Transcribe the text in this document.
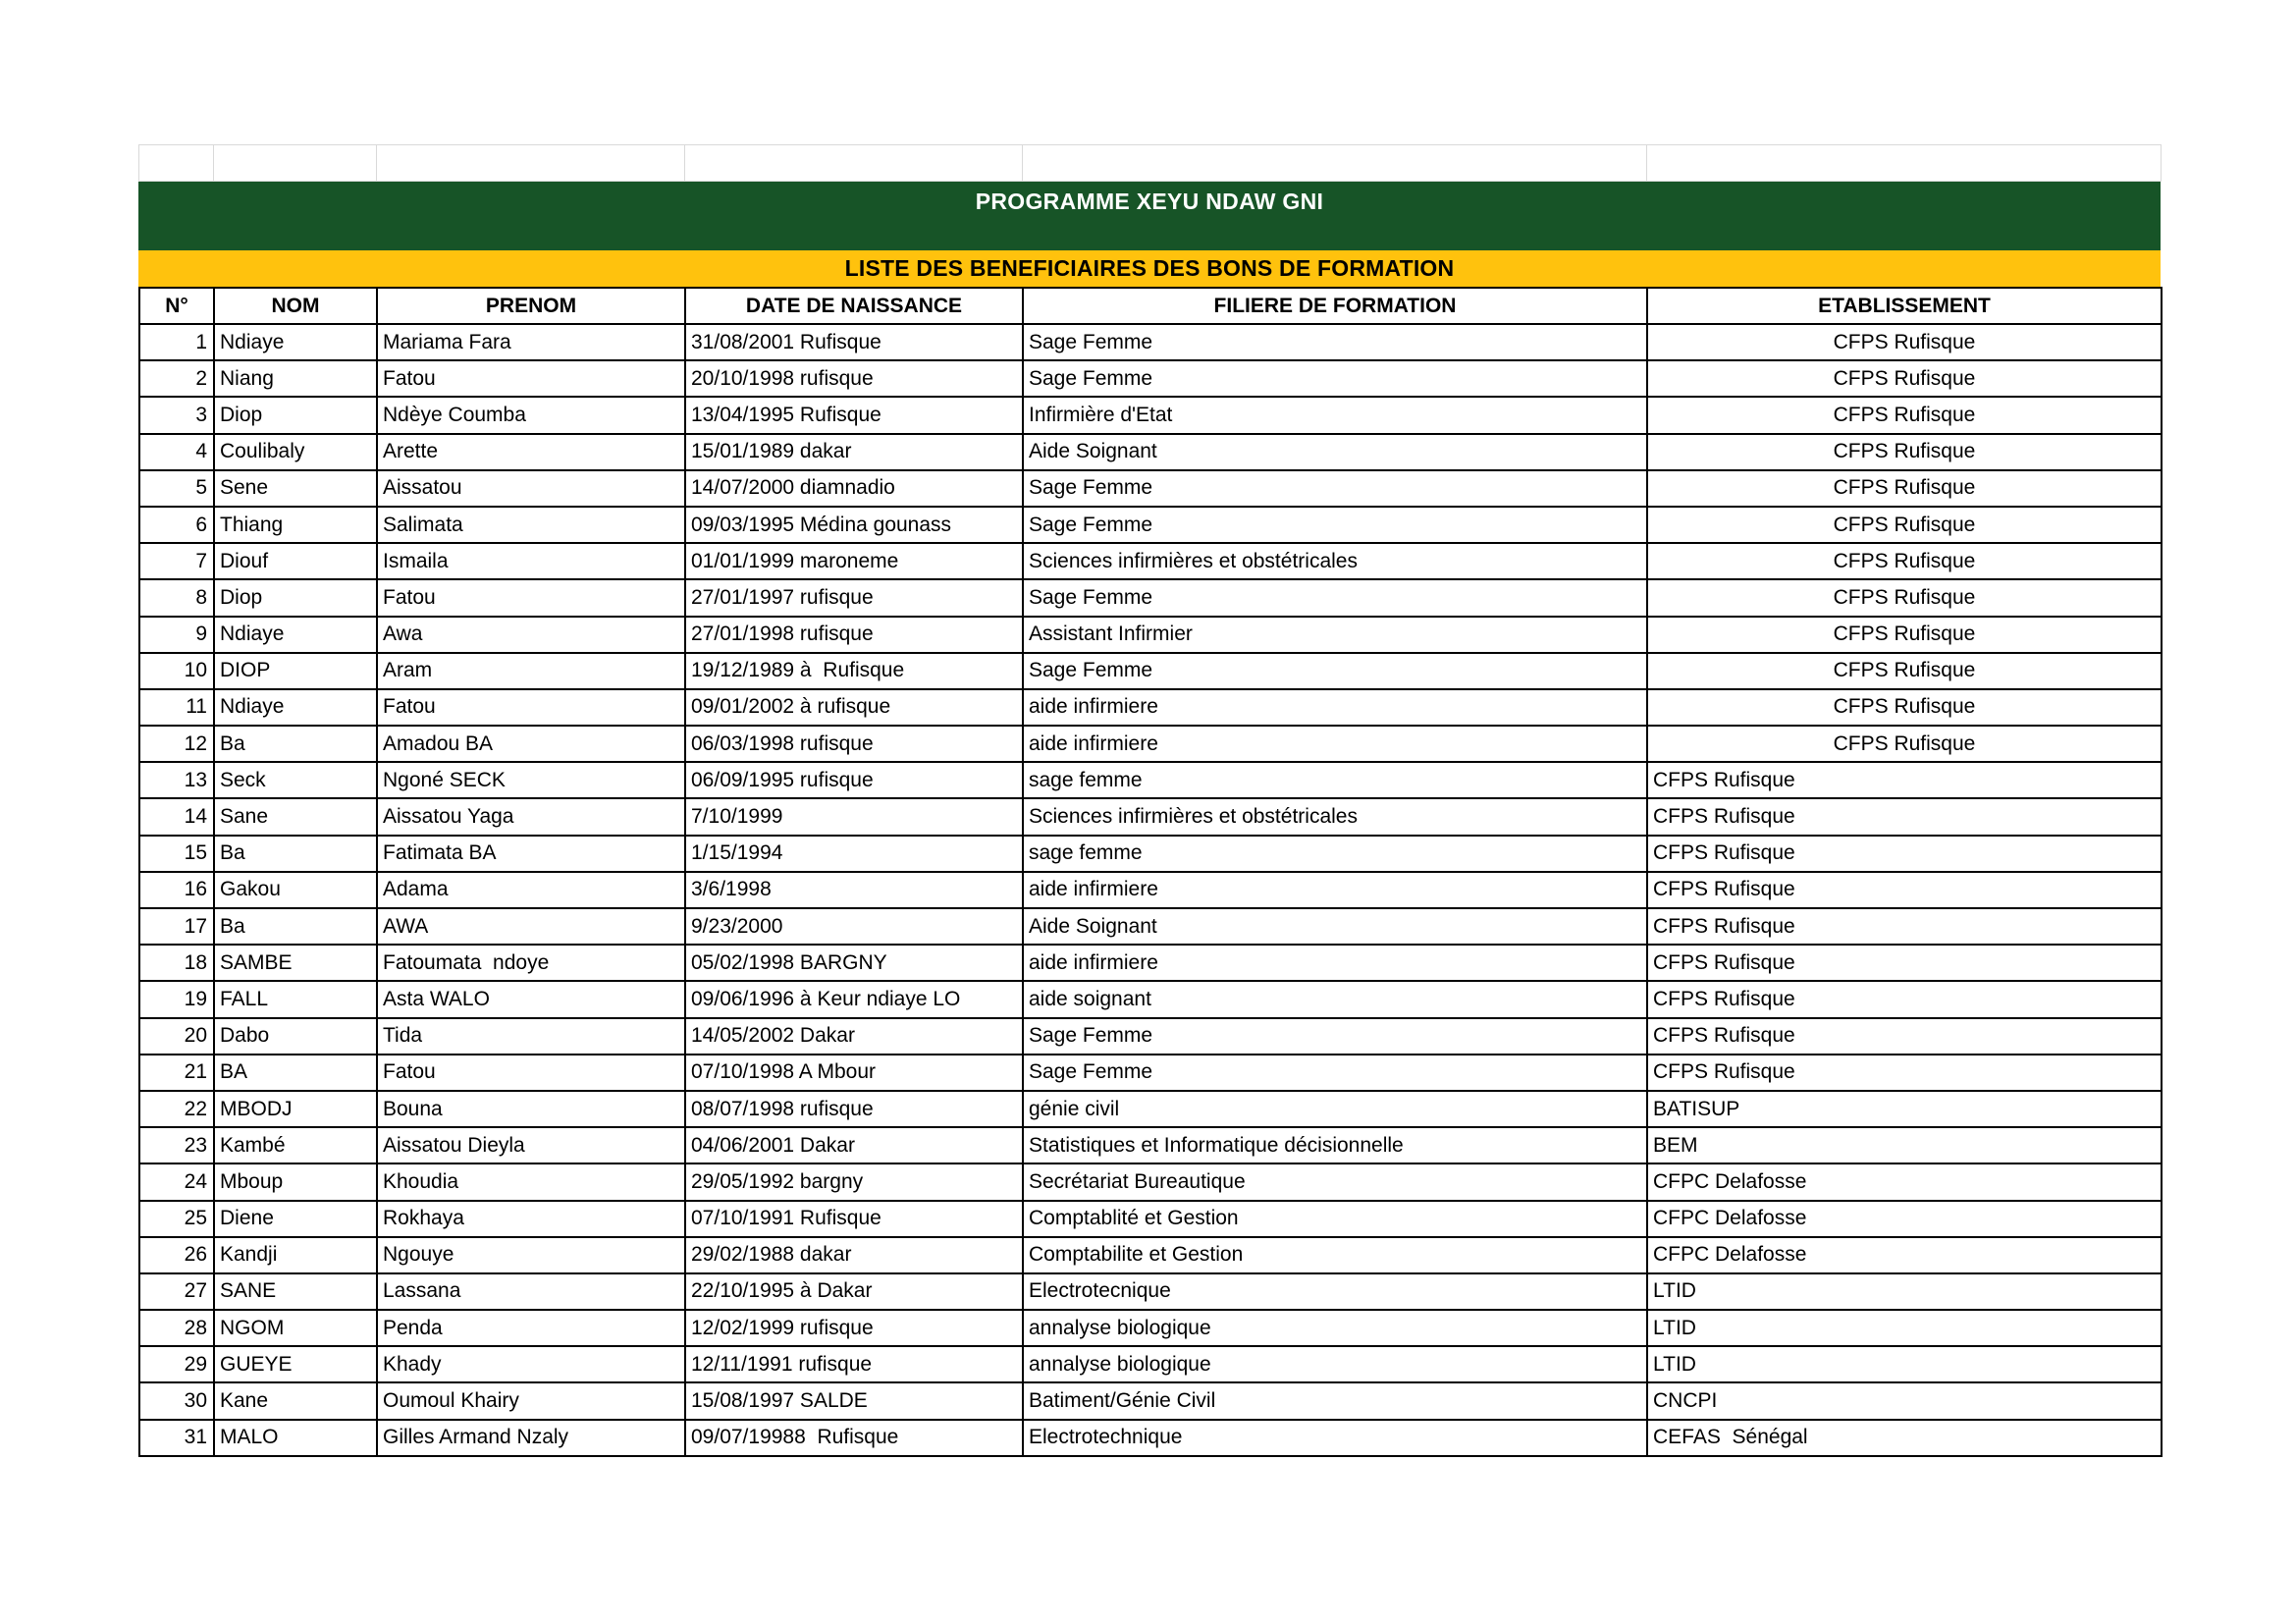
PROGRAMME XEYU NDAW GNI
LISTE DES BENEFICIAIRES DES BONS DE FORMATION
N°	NOM	PRENOM	DATE DE NAISSANCE	FILIERE DE FORMATION	ETABLISSEMENT
1	Ndiaye	Mariama Fara	31/08/2001 Rufisque	Sage Femme	CFPS Rufisque
2	Niang	Fatou	20/10/1998 rufisque	Sage Femme	CFPS Rufisque
3	Diop	Ndèye Coumba	13/04/1995 Rufisque	Infirmière d'Etat	CFPS Rufisque
4	Coulibaly	Arette	15/01/1989 dakar	Aide Soignant	CFPS Rufisque
5	Sene	Aissatou	14/07/2000 diamnadio	Sage Femme	CFPS Rufisque
6	Thiang	Salimata	09/03/1995 Médina gounass	Sage Femme	CFPS Rufisque
7	Diouf	Ismaila	01/01/1999 maroneme	Sciences infirmières et obstétricales	CFPS Rufisque
8	Diop	Fatou	27/01/1997 rufisque	Sage Femme	CFPS Rufisque
9	Ndiaye	Awa	27/01/1998 rufisque	Assistant Infirmier	CFPS Rufisque
10	DIOP	Aram	19/12/1989 à  Rufisque	Sage Femme	CFPS Rufisque
11	Ndiaye	Fatou	09/01/2002 à rufisque	aide infirmiere	CFPS Rufisque
12	Ba	Amadou BA	06/03/1998 rufisque	aide infirmiere	CFPS Rufisque
13	Seck	Ngoné SECK	06/09/1995 rufisque	sage femme	CFPS Rufisque
14	Sane	Aissatou Yaga	7/10/1999	Sciences infirmières et obstétricales	CFPS Rufisque
15	Ba	Fatimata BA	1/15/1994	sage femme	CFPS Rufisque
16	Gakou	Adama	3/6/1998	aide infirmiere	CFPS Rufisque
17	Ba	AWA	9/23/2000	Aide Soignant	CFPS Rufisque
18	SAMBE	Fatoumata  ndoye	05/02/1998 BARGNY	aide infirmiere	CFPS Rufisque
19	FALL	Asta WALO	09/06/1996 à Keur ndiaye LO	aide soignant	CFPS Rufisque
20	Dabo	Tida	14/05/2002 Dakar	Sage Femme	CFPS Rufisque
21	BA	Fatou	07/10/1998 A Mbour	Sage Femme	CFPS Rufisque
22	MBODJ	Bouna	08/07/1998 rufisque	génie civil	BATISUP
23	Kambé	Aissatou Dieyla	04/06/2001 Dakar	Statistiques et Informatique décisionnelle	BEM
24	Mboup	Khoudia	29/05/1992 bargny	Secrétariat Bureautique	CFPC Delafosse
25	Diene	Rokhaya	07/10/1991 Rufisque	Comptablité et Gestion	CFPC Delafosse
26	Kandji	Ngouye	29/02/1988 dakar	Comptabilite et Gestion	CFPC Delafosse
27	SANE	Lassana	22/10/1995 à Dakar	Electrotecnique	LTID
28	NGOM	Penda	12/02/1999 rufisque	annalyse biologique	LTID
29	GUEYE	Khady	12/11/1991 rufisque	annalyse biologique	LTID
30	Kane	Oumoul Khairy	15/08/1997 SALDE	Batiment/Génie Civil	CNCPI
31	MALO	Gilles Armand Nzaly	09/07/19988  Rufisque	Electrotechnique	CEFAS  Sénégal
